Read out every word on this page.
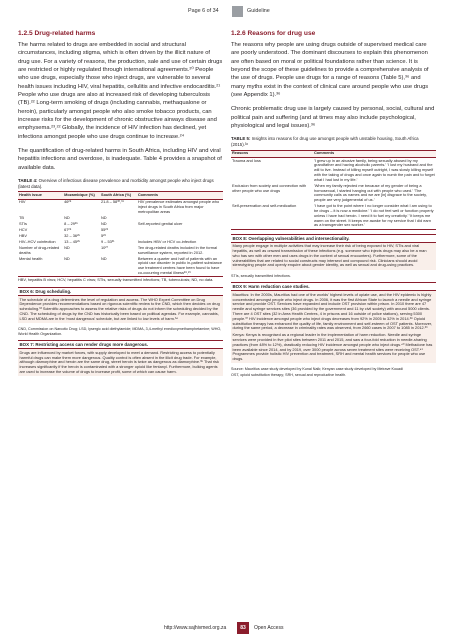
Page 6 of 34	Guideline
1.2.5 Drug-related harms

The harms related to drugs are embedded in social and structural circumstances, including stigma, which is often driven by the illicit nature of drug use. For a variety of reasons, the production, sale and use of certain drugs are restricted or highly regulated through international agreements.²⁰ People who use drugs, especially those who inject drugs, are vulnerable to several health issues including HIV, viral hepatitis, cellulitis and infective endocarditis.²¹ People who use drugs are also at increased risk of developing tuberculosis (TB).²² Long-term smoking of drugs (including cannabis, methaqualone or heroin), particularly amongst people who also smoke tobacco products, can increase risks for the development of chronic obstructive airways disease and emphysema.²³,²² Globally, the incidence of HIV infection has declined, yet infections amongst people who use drugs continue to increase.²⁴

The quantification of drug-related harms in South Africa, including HIV and viral hepatitis infections and overdose, is inadequate. Table 4 provides a snapshot of available data.

TABLE 4: Overview of infectious disease prevalence and morbidity amongst people who inject drugs (latest data).
Health issue	Mozambique (%)	South Africa (%)	Comments
HIV	46²⁵	21.8 – 58³⁰,³¹	HIV prevalence estimates amongst people who inject drugs in South Africa from major metropolitan areas
TB	ND	ND	
STIs	8 – 29²⁵	ND	Self-reported genital ulcer
HCV	67²⁵	55²⁶	
HBV	32 – 36²⁵	5²⁶	
HIV–HCV coinfection	13 – 45²⁵	9 – 53³¹	Includes HBV or HCV co-infection
Number of drug-related deaths	ND	10²⁷	Ten drug-related deaths included in the formal surveillance system, reported in 2012.
Mental health	ND	ND	Between a quarter and half of patients with an opioid use disorder in public in-patient substance use treatment centres have been found to have co-occurring mental illness²⁸,²⁹
HBV, hepatitis B virus; HCV, hepatitis C virus; STIs, sexually transmitted infections; TB, tuberculosis; ND, no data.
BOX 6: Drug scheduling.
The schedule of a drug determines the level of regulation and access. The WHO Expert Committee on Drug Dependence provides recommendations based on rigorous scientific review to the CND, which then decides on drug scheduling.³³ Scientific approaches to assess the relative risks of drugs do not inform the scheduling decided by the CND. The scheduling of drugs by the CND has historically been based on political agendas. For example, cannabis, LSD and MDMA are in the 'most dangerous' schedule, but are linked to low levels of harm.³⁴
CND, Commission on Narcotic Drug; LSD, lysergic acid diethylamide; MDMA, 3,4-methyl enedioxymethamphetamine; WHO, World Health Organization.
BOX 7: Restricting access can render drugs more dangerous.
Drugs are influenced by market forces, with supply developed to meet a demand. Restricting access to potentially harmful drugs can make them more dangerous. Quality control is often absent in the illicit drug trade. For example, although diamorphine and heroin are the same drug, street heroin is twice as dangerous as diamorphine.³⁵ That risk increases significantly if the heroin is contaminated with a stronger opioid like fentanyl. Furthermore, bulking agents are used to increase the volume of drugs to increase profit, some of which can cause harm.
1.2.6 Reasons for drug use

The reasons why people are using drugs outside of supervised medical care are poorly understood. The dominant discourses to explain this phenomenon are often based on moral or political foundations rather than science. It is beyond the scope of these guidelines to provide a comprehensive analysis of the use of drugs. People use drugs for a range of reasons (Table 5),³⁶ and many myths exist in the context of clinical care around people who use drugs (see Appendix 1).³⁶

Chronic problematic drug use is largely caused by personal, social, cultural and political pain and suffering (and at times may also include psychological, physiological and legal issues).³⁶

TABLE 5: Insights into reasons for drug use amongst people with unstable housing, South Africa (2015).³⁶
Reasons	Comments
Trauma and loss	'I grew up in an abusive family, being sexually abused by my grandfather and having alcoholic parents.' 'I lost my husband and the will to live. Instead of killing myself outright, I was slowly killing myself with the taking of drugs and once again to numb the pain and to forget what I had lost in my life.'
Exclusion from society and connection with other people who use drugs	'When my family rejected me because of my gender of being a homosexual, I started hanging out with people who used.' 'The community calls us names and we are [in] disgrace to the society, people are very judgemental of us.'
Self-preservation and self-medication	'I have got to the point where I no longer consider what I am using to be drugs – it is now a medicine.' 'I do not feel well or function properly unless I have had heroin. I need it to fuel my creativity.' 'It keeps me warm on the street. It keeps me awake for my service that I did earn as a transgender sex worker.'
BOX 8: Overlapping vulnerabilities and intersectionality.
Many people engage in multiple activities that may increase their risk of being exposed to HIV, STIs and viral hepatitis, as well as onward transmission of these infections (e.g. someone who injects drugs may also be a man who has sex with other men and uses drugs in the context of sexual encounters). Furthermore, some of the vulnerabilities that are related to social constructs may intersect and compound risk. Clinicians should avoid stereotyping people and openly enquire about gender identity, as well as sexual and drug-using practices.
STIs, sexually transmitted infections.
BOX 9: Harm reduction case studies.
Mauritius: In the 2000s, Mauritius had one of the worlds' highest levels of opiate use, and the HIV epidemic is highly concentrated amongst people who inject drugs. In 2006, it was the first African State to launch a needle and syringe service and provide OST. Services have expanded and include OST provision within prison. In 2010 there are 47 needle and syringe services sites (36 provided by the government and 11 by civil society) with around 5000 clients. There are 4 OST sites (32 in Area Health Centres, 4 in prisons and 16 outside of police stations), serving 5300 people.³⁷ HIV incidence amongst people who inject drugs decreases from 92% in 2005 to 32% in 2014.³⁸ Opioid substitution therapy has enhanced the quality of life, family environment and self-esteem of OST patients. Moreover, during the same period, a decrease in criminality rates was observed, from 2660 cases in 2007 to 1085 in 2012.³⁹
Kenya: Kenya is recognised as a regional leader in the implementation of harm reduction. Needle and syringe services were provided in five pilot sites between 2011 and 2015, and saw a four-fold reduction in needle-sharing practices (from 48% to 12%), drastically reducing HIV incidence amongst people who inject drugs.⁴⁰ Methadone has been available since 2014, and by 2019, over 3000 people across seven treatment sites were receiving OST.⁴¹ Programmes provide holistic HIV prevention and treatment, SRH and mental health services for people who use drugs.
Source: Mauritius case study developed by Kunal Naik; Kenyan case study developed by Meirave Kouadi
OST, opioid substitution therapy; SRH, sexual and reproductive health.
http://www.sajhivmed.org.za	83	Open Access
